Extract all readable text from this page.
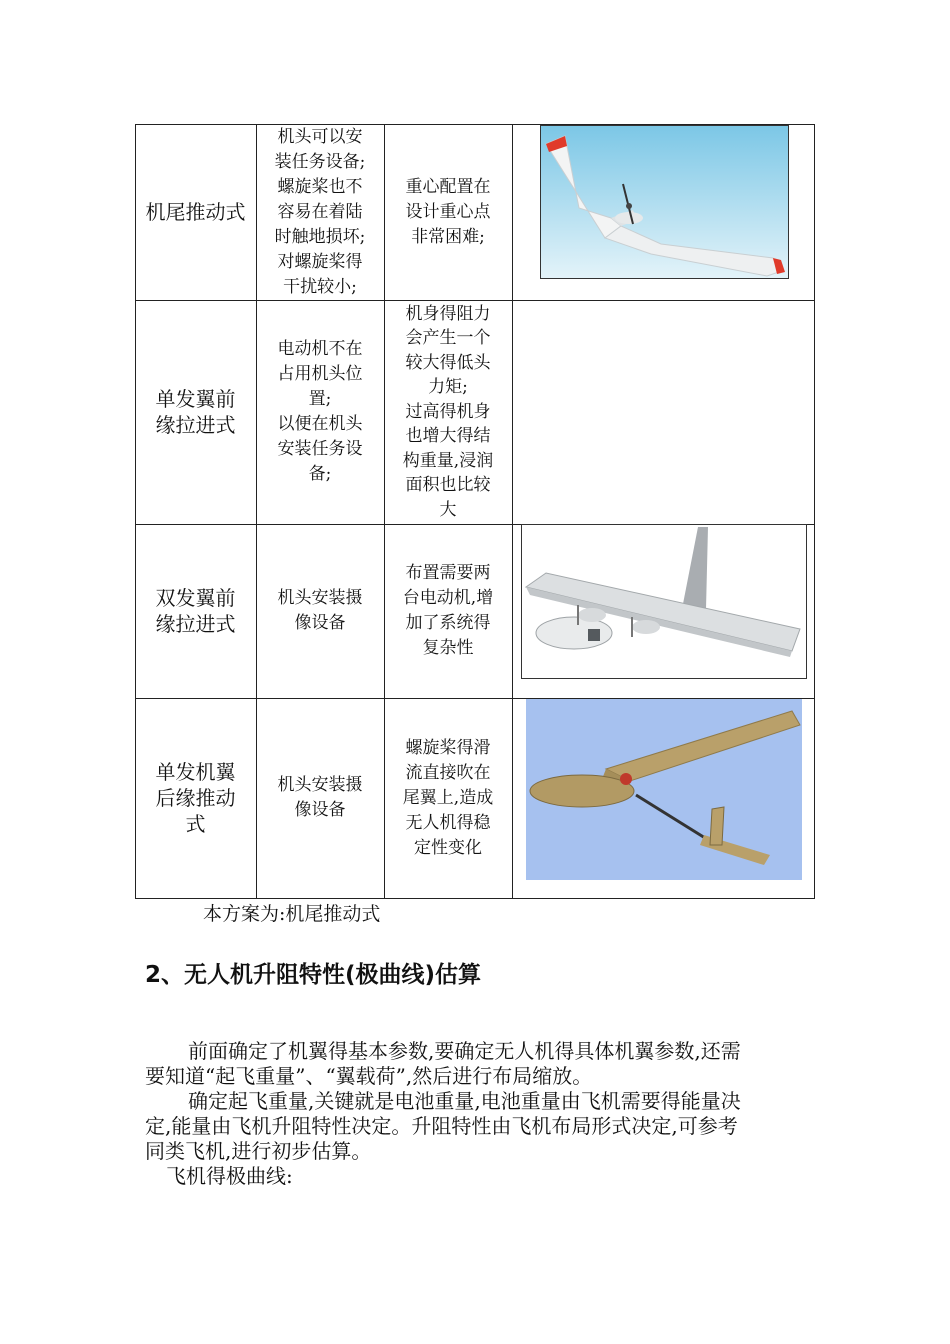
机尾推动式
机头可以安
装任务设备;
螺旋桨也不
容易在着陆
时触地损坏;
对螺旋桨得
干扰较小;
重心配置在
设计重心点
非常困难;
单发翼前
缘拉进式
电动机不在
占用机头位
置;
以便在机头
安装任务设
备;
机身得阻力
会产生一个
较大得低头
力矩;
过高得机身
也增大得结
构重量,浸润
面积也比较
大
双发翼前
缘拉进式
机头安装摄
像设备
布置需要两
台电动机,增
加了系统得
复杂性
单发机翼
后缘推动
式
机头安装摄
像设备
螺旋桨得滑
流直接吹在
尾翼上,造成
无人机得稳
定性变化
本方案为:机尾推动式
2、无人机升阻特性(极曲线)估算
前面确定了机翼得基本参数,要确定无人机得具体机翼参数,还需
要知道“起飞重量”、“翼载荷”,然后进行布局缩放。
确定起飞重量,关键就是电池重量,电池重量由飞机需要得能量决
定,能量由飞机升阻特性决定。升阻特性由飞机布局形式决定,可参考
同类飞机,进行初步估算。
飞机得极曲线:
